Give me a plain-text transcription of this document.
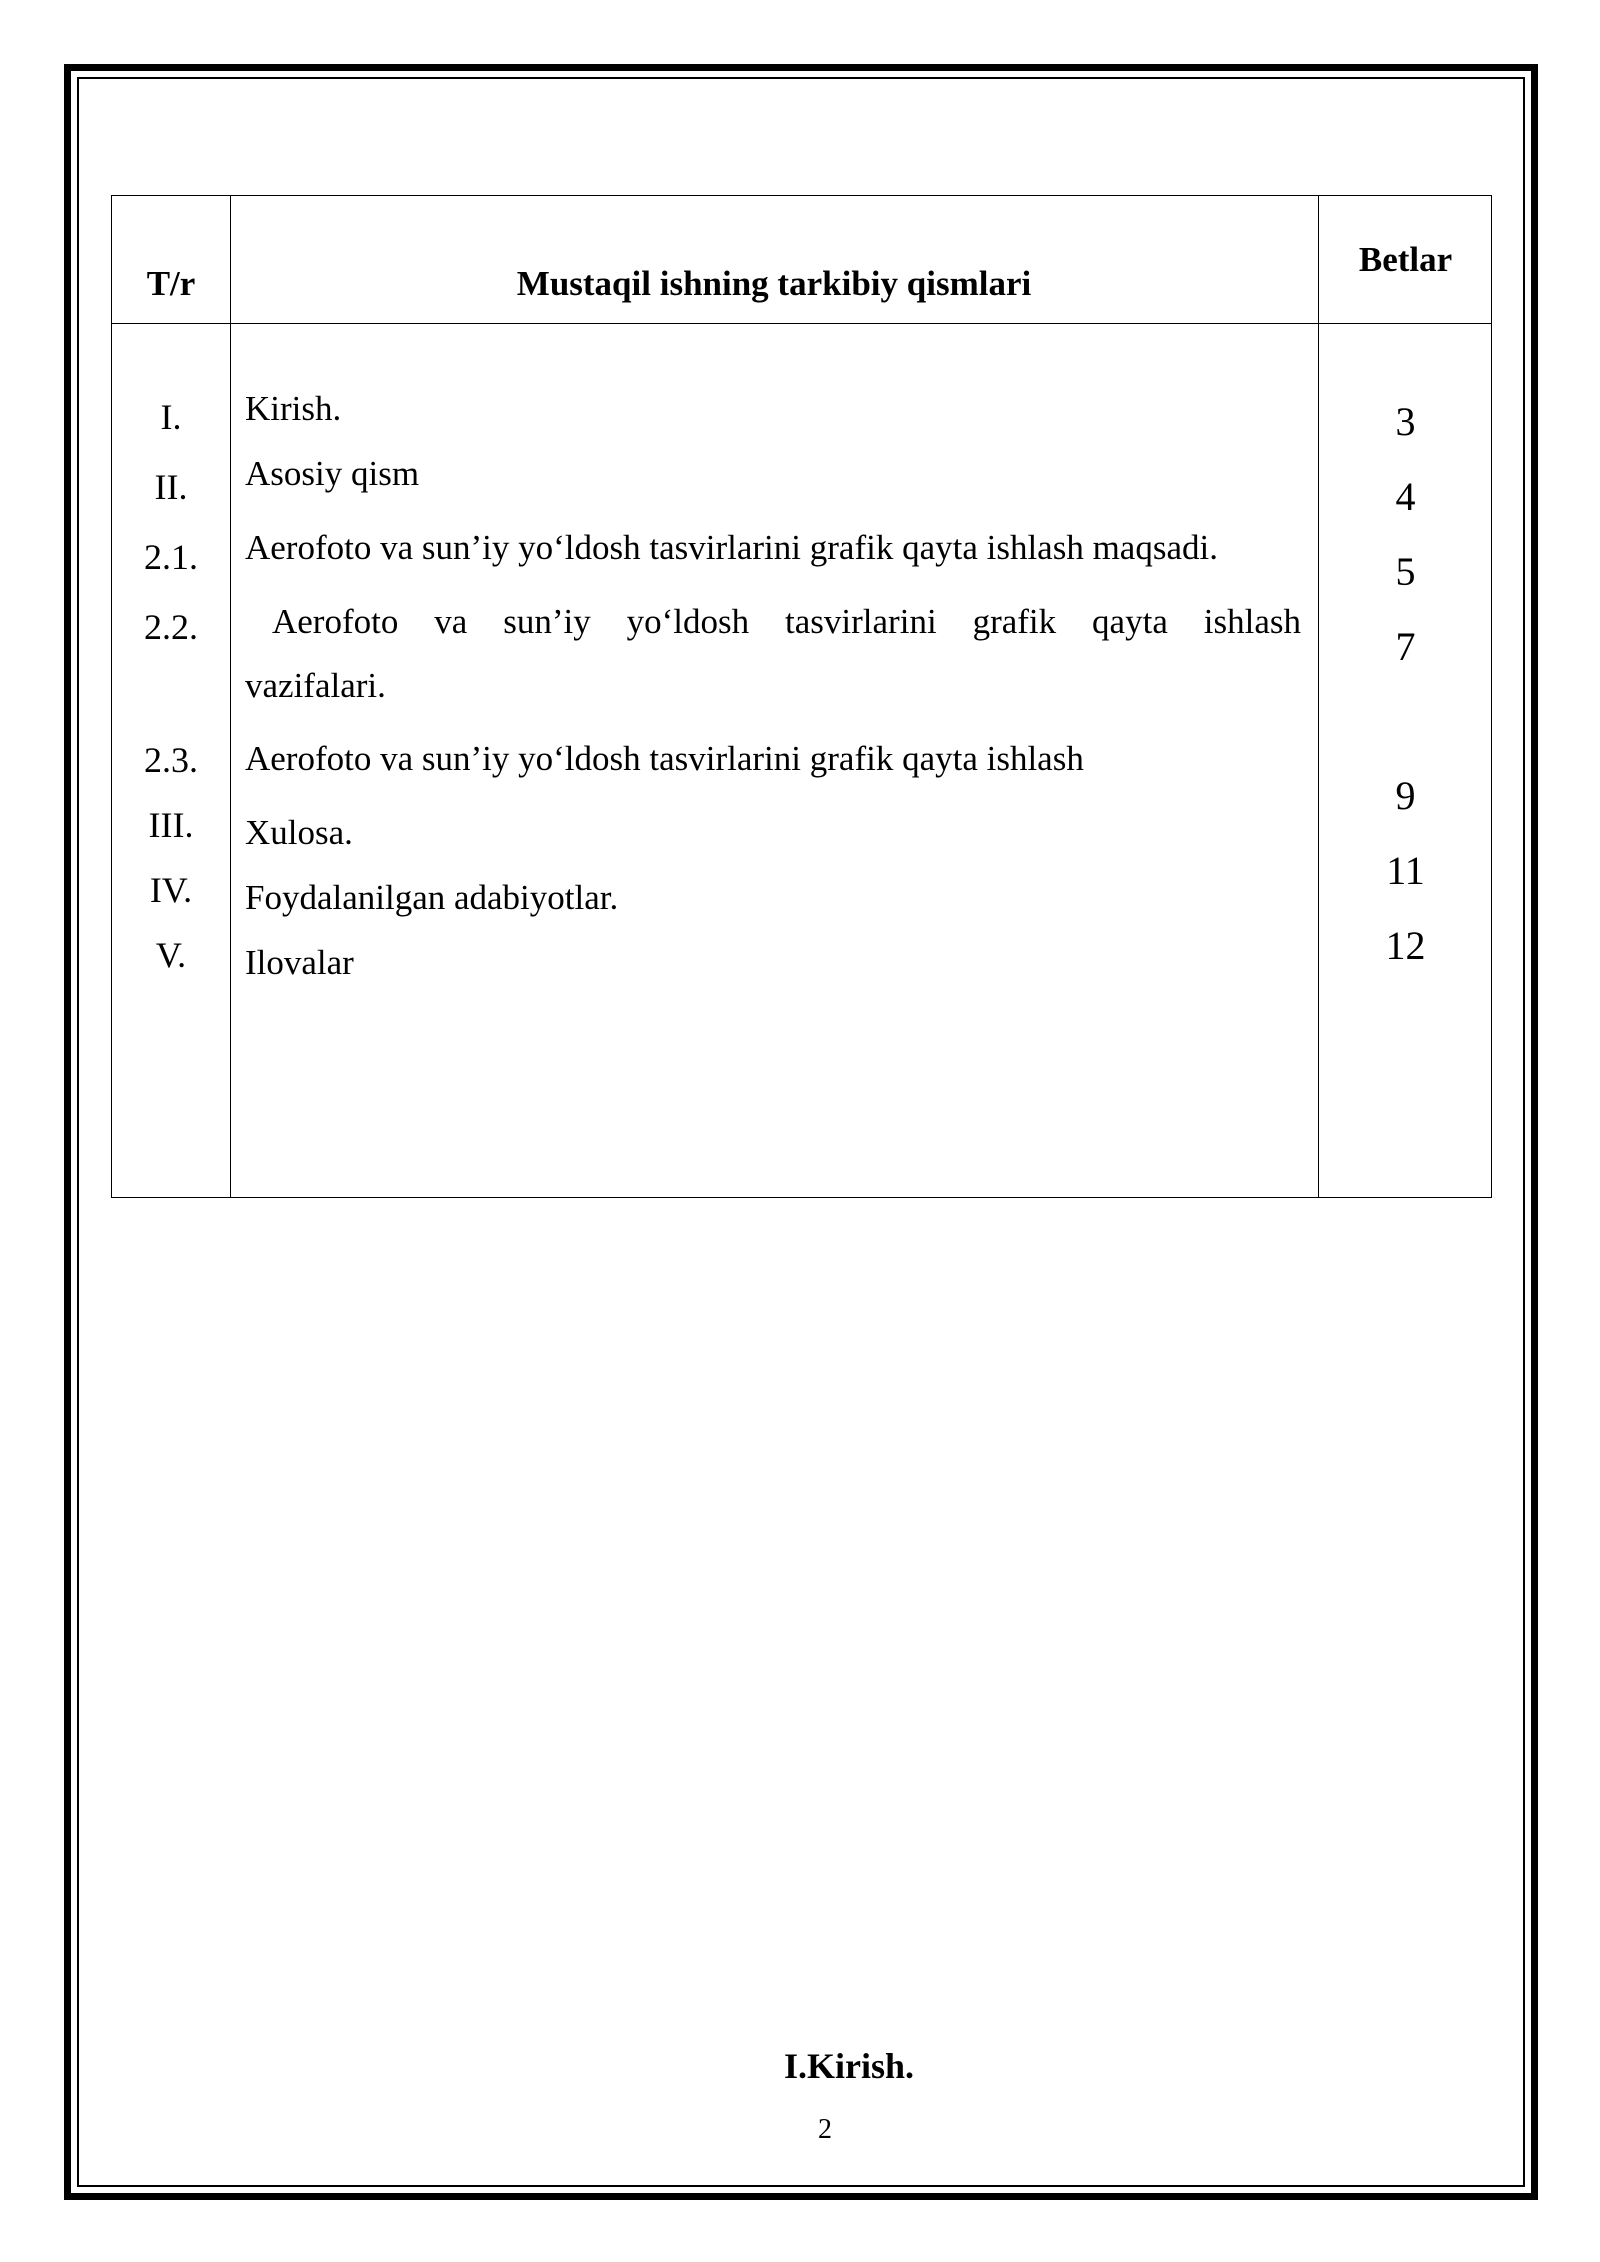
T/r	Mustaqil ishning tarkibiy qismlari
Betlar
I.
II.
2.1.
2.2.
2.3.
III.
IV.
V.
Kirish.
Asosiy qism
Aerofoto va sun’iy yo‘ldosh tasvirlarini grafik qayta ishlash maqsadi.
Aerofoto va sun’iy yo‘ldosh tasvirlarini grafik qayta ishlash
vazifalari.
Aerofoto va sun’iy yo‘ldosh tasvirlarini grafik qayta ishlash
Xulosa.
Foydalanilgan adabiyotlar.
Ilovalar
3
4
5
7
9
11
12
I.Kirish.
2
